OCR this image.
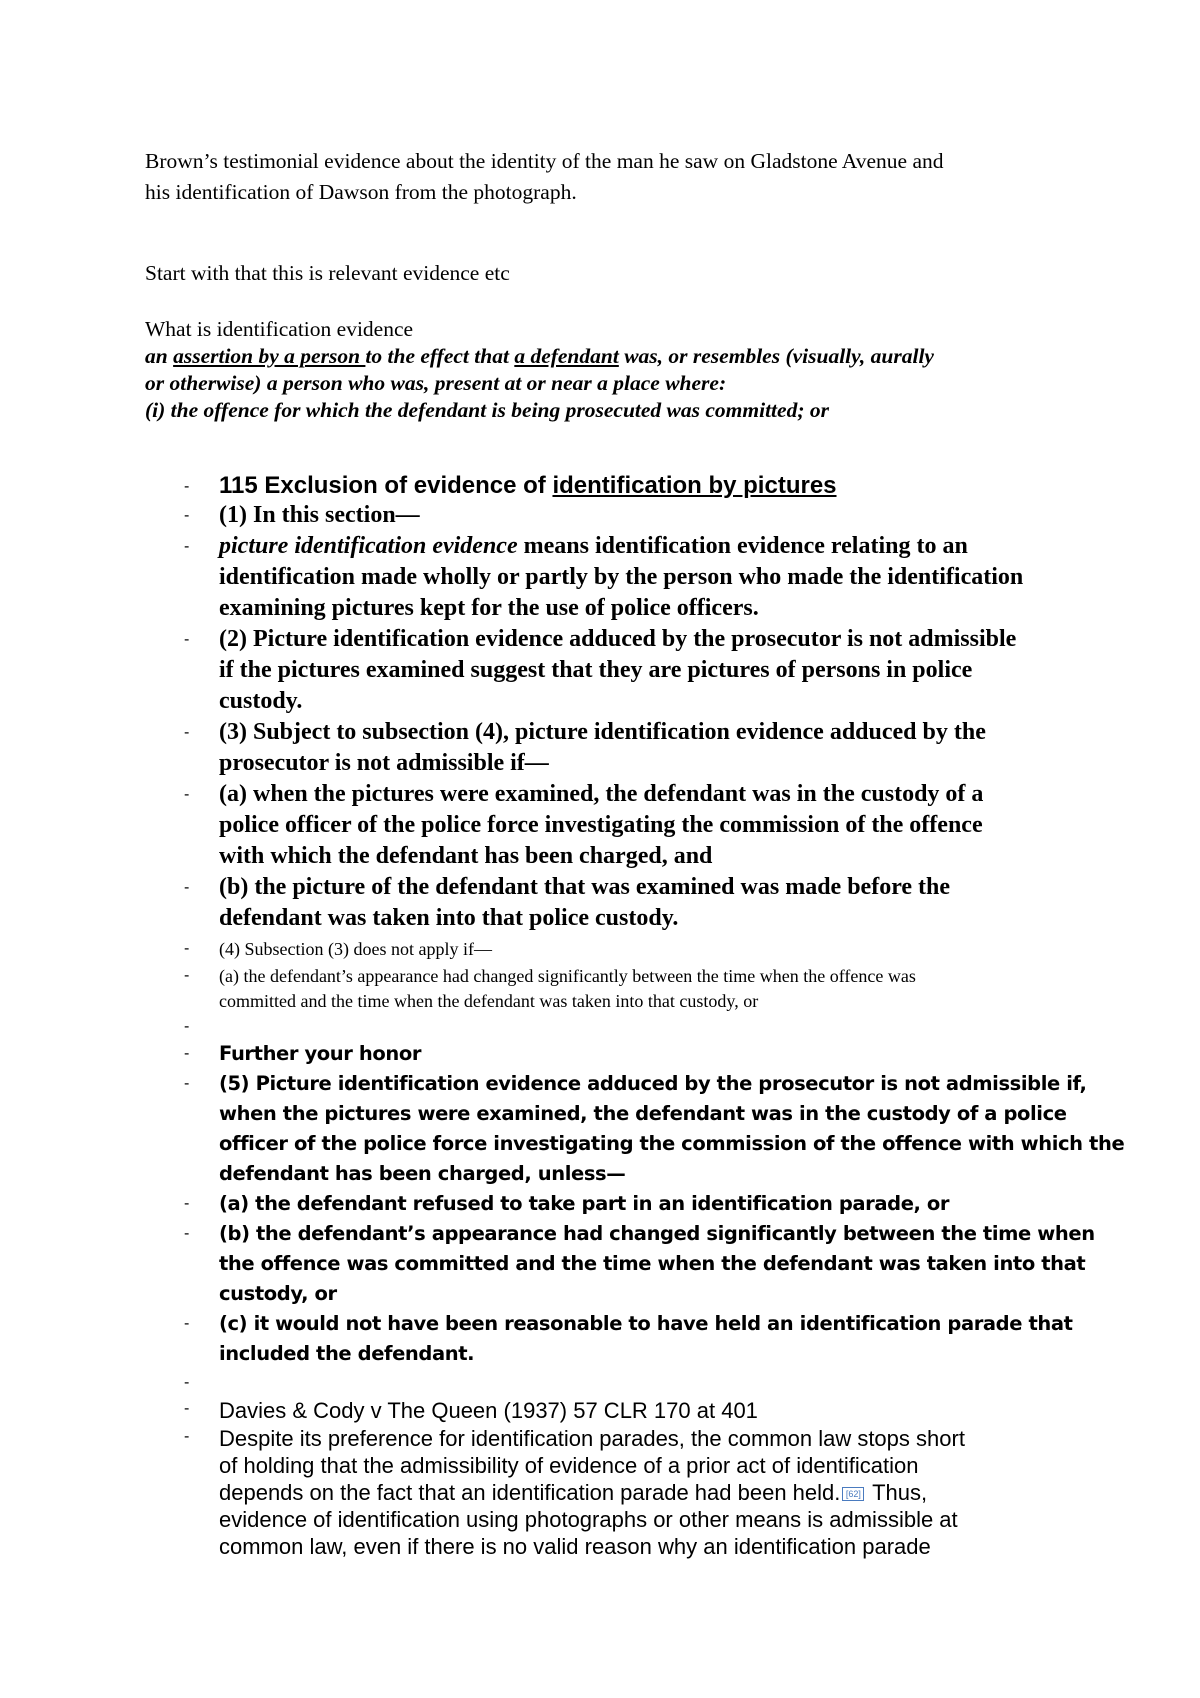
Brown’s testimonial evidence about the identity of the man he saw on Gladstone Avenue and
his identification of Dawson from the photograph.
Start with that this is relevant evidence etc
What is identification evidence
an assertion by a person to the effect that a defendant was, or resembles (visually, aurally
or otherwise) a person who was, present at or near a place where:
(i) the offence for which the defendant is being prosecuted was committed; or
- 115 Exclusion of evidence of identification by pictures
- (1) In this section—
- picture identification evidence means identification evidence relating to an
identification made wholly or partly by the person who made the identification
examining pictures kept for the use of police officers.
- (2) Picture identification evidence adduced by the prosecutor is not admissible
if the pictures examined suggest that they are pictures of persons in police
custody.
- (3) Subject to subsection (4), picture identification evidence adduced by the
prosecutor is not admissible if—
- (a) when the pictures were examined, the defendant was in the custody of a
police officer of the police force investigating the commission of the offence
with which the defendant has been charged, and
- (b) the picture of the defendant that was examined was made before the
defendant was taken into that police custody.
- (4) Subsection (3) does not apply if—
- (a) the defendant’s appearance had changed significantly between the time when the offence was
committed and the time when the defendant was taken into that custody, or
-
- Further your honor
- (5) Picture identification evidence adduced by the prosecutor is not admissible if,
when the pictures were examined, the defendant was in the custody of a police
officer of the police force investigating the commission of the offence with which the
defendant has been charged, unless—
- (a) the defendant refused to take part in an identification parade, or
- (b) the defendant’s appearance had changed significantly between the time when
the offence was committed and the time when the defendant was taken into that
custody, or
- (c) it would not have been reasonable to have held an identification parade that
included the defendant.
-
- Davies & Cody v The Queen (1937) 57 CLR 170 at 401
- Despite its preference for identification parades, the common law stops short
of holding that the admissibility of evidence of a prior act of identification
depends on the fact that an identification parade had been held. [62] Thus,
evidence of identification using photographs or other means is admissible at
common law, even if there is no valid reason why an identification parade
